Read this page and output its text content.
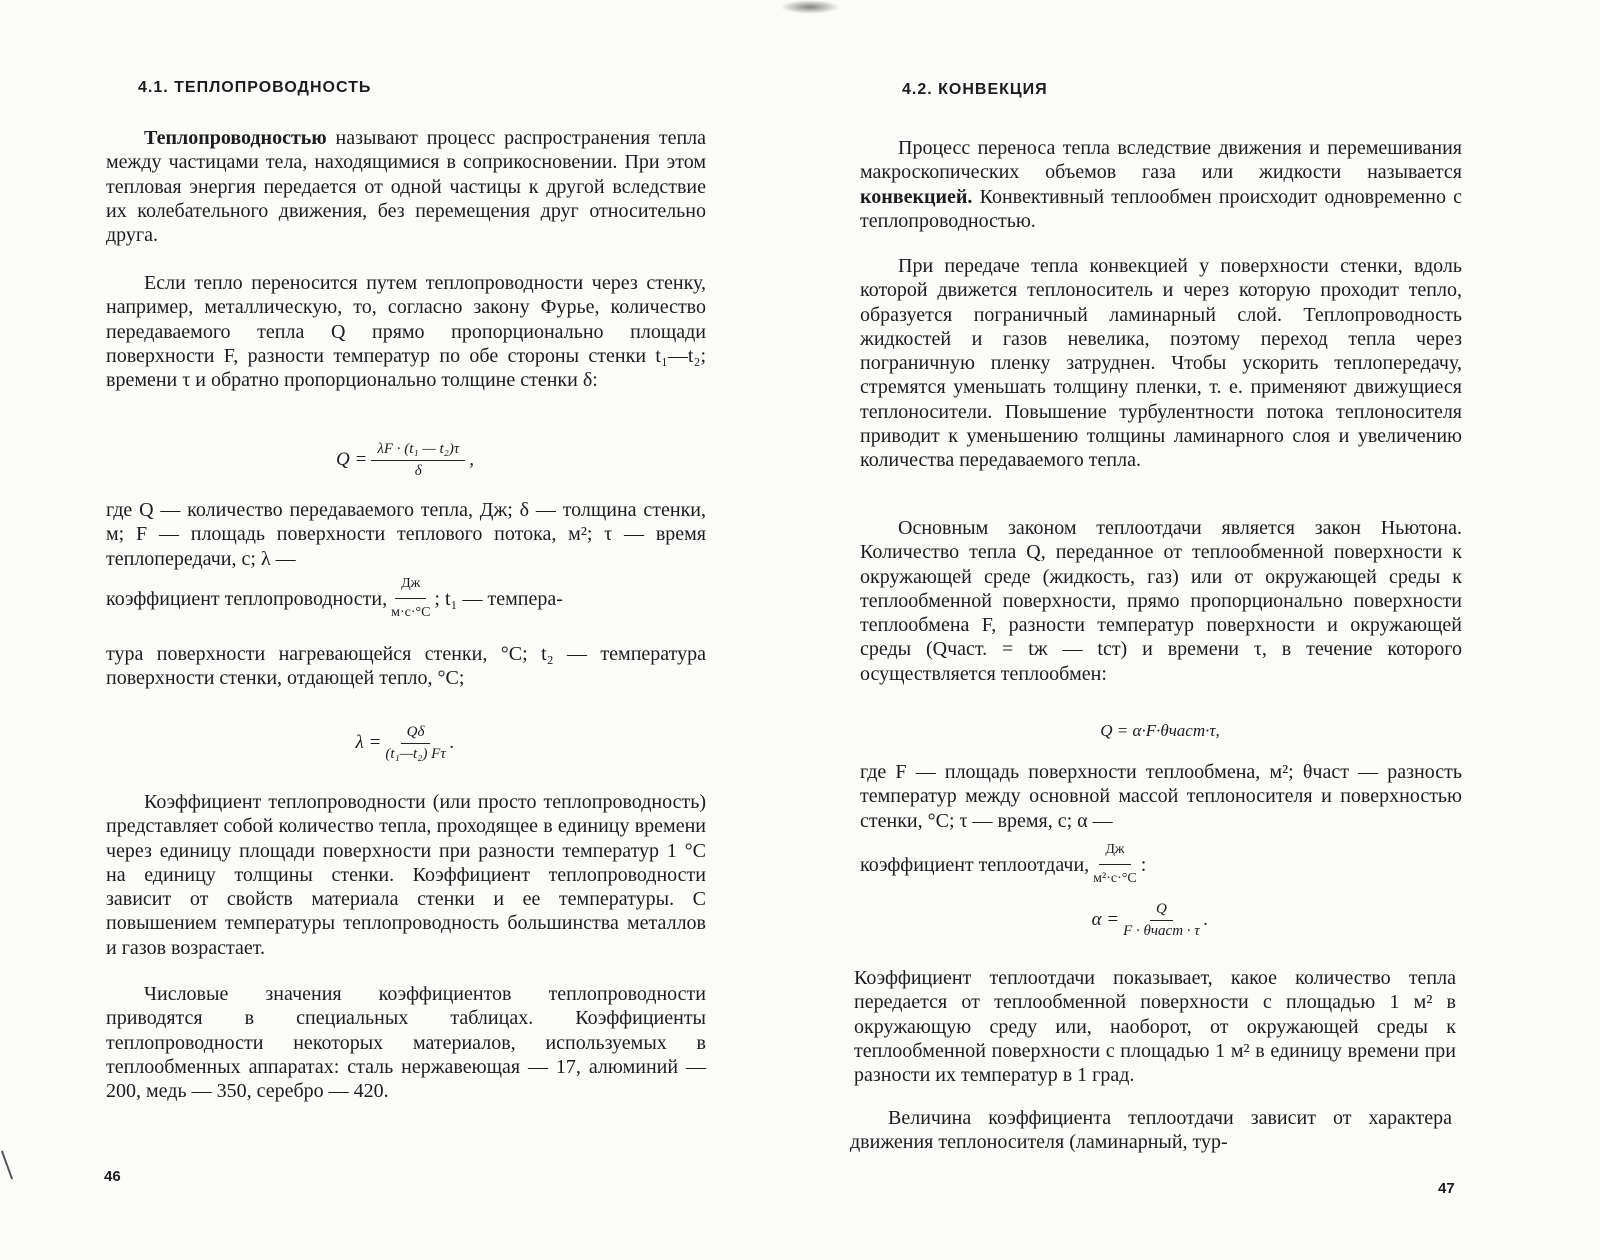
4.1. ТЕПЛОПРОВОДНОСТЬ

Теплопроводностью называют процесс распространения тепла между частицами тела, находящимися в соприкосновении. При этом тепловая энергия передается от одной частицы к другой вследствие их колебательного движения, без перемещения друг относительно друга.

Если тепло переносится путем теплопроводности через стенку, например, металлическую, то, согласно закону Фурье, количество передаваемого тепла Q прямо пропорционально площади поверхности F, разности температур по обе стороны стенки t₁—t₂; времени τ и обратно пропорционально толщине стенки δ:

$Q = \frac{\text{λF · (t₁ — t₂)τ}}{\delta}$ ,

где Q — количество передаваемого тепла, Дж; δ — толщина стенки, м; F — площадь поверхности теплового потока, м²; τ — время теплопередачи, с; λ —

коэффициент теплопроводности, $\frac{Дж}{м\cdot с\cdot^\circ С}$ ; t₁ — темпера-

тура поверхности нагревающейся стенки, °С; t₂ — температура поверхности стенки, отдающей тепло, °С;

$\lambda = \frac{Q\delta}{\text{(t₁—t₂) Fτ}}$ .

Коэффициент теплопроводности (или просто теплопроводность) представляет собой количество тепла, проходящее в единицу времени через единицу площади поверхности при разности температур 1 °С на единицу толщины стенки. Коэффициент теплопроводности зависит от свойств материала стенки и ее температуры. С повышением температуры теплопроводность большинства металлов и газов возрастает.

Числовые значения коэффициентов теплопроводности приводятся в специальных таблицах. Коэффициенты теплопроводности некоторых материалов, используемых в теплообменных аппаратах: сталь нержавеющая — 17, алюминий — 200, медь — 350, серебро — 420.

46
4.2. КОНВЕКЦИЯ

Процесс переноса тепла вследствие движения и перемешивания макроскопических объемов газа или жидкости называется конвекцией. Конвективный теплообмен происходит одновременно с теплопроводностью.

При передаче тепла конвекцией у поверхности стенки, вдоль которой движется теплоноситель и через которую проходит тепло, образуется пограничный ламинарный слой. Теплопроводность жидкостей и газов невелика, поэтому переход тепла через пограничную пленку затруднен. Чтобы ускорить теплопередачу, стремятся уменьшать толщину пленки, т. е. применяют движущиеся теплоносители. Повышение турбулентности потока теплоносителя приводит к уменьшению толщины ламинарного слоя и увеличению количества передаваемого тепла.

Основным законом теплоотдачи является закон Ньютона. Количество тепла Q, переданное от теплообменной поверхности к окружающей среде (жидкость, газ) или от окружающей среды к теплообменной поверхности, прямо пропорционально поверхности теплообмена F, разности температур поверхности и окружающей среды (Qчаст. = tж — tст) и времени τ, в течение которого осуществляется теплообмен:

Q = α·F·θчаст·τ,

где F — площадь поверхности теплообмена, м²; θчаст — разность температур между основной массой теплоносителя и поверхностью стенки, °С; τ — время, с; α —

коэффициент теплоотдачи, $\frac{Дж}{\text{м²·с·°С}}$ :
$\alpha = \frac{Q}{\text{F · θчаст · τ}}$ .

Коэффициент теплоотдачи показывает, какое количество тепла передается от теплообменной поверхности с площадью 1 м² в окружающую среду или, наоборот, от окружающей среды к теплообменной поверхности с площадью 1 м² в единицу времени при разности их температур в 1 град.

Величина коэффициента теплоотдачи зависит от характера движения теплоносителя (ламинарный, тур-

47
